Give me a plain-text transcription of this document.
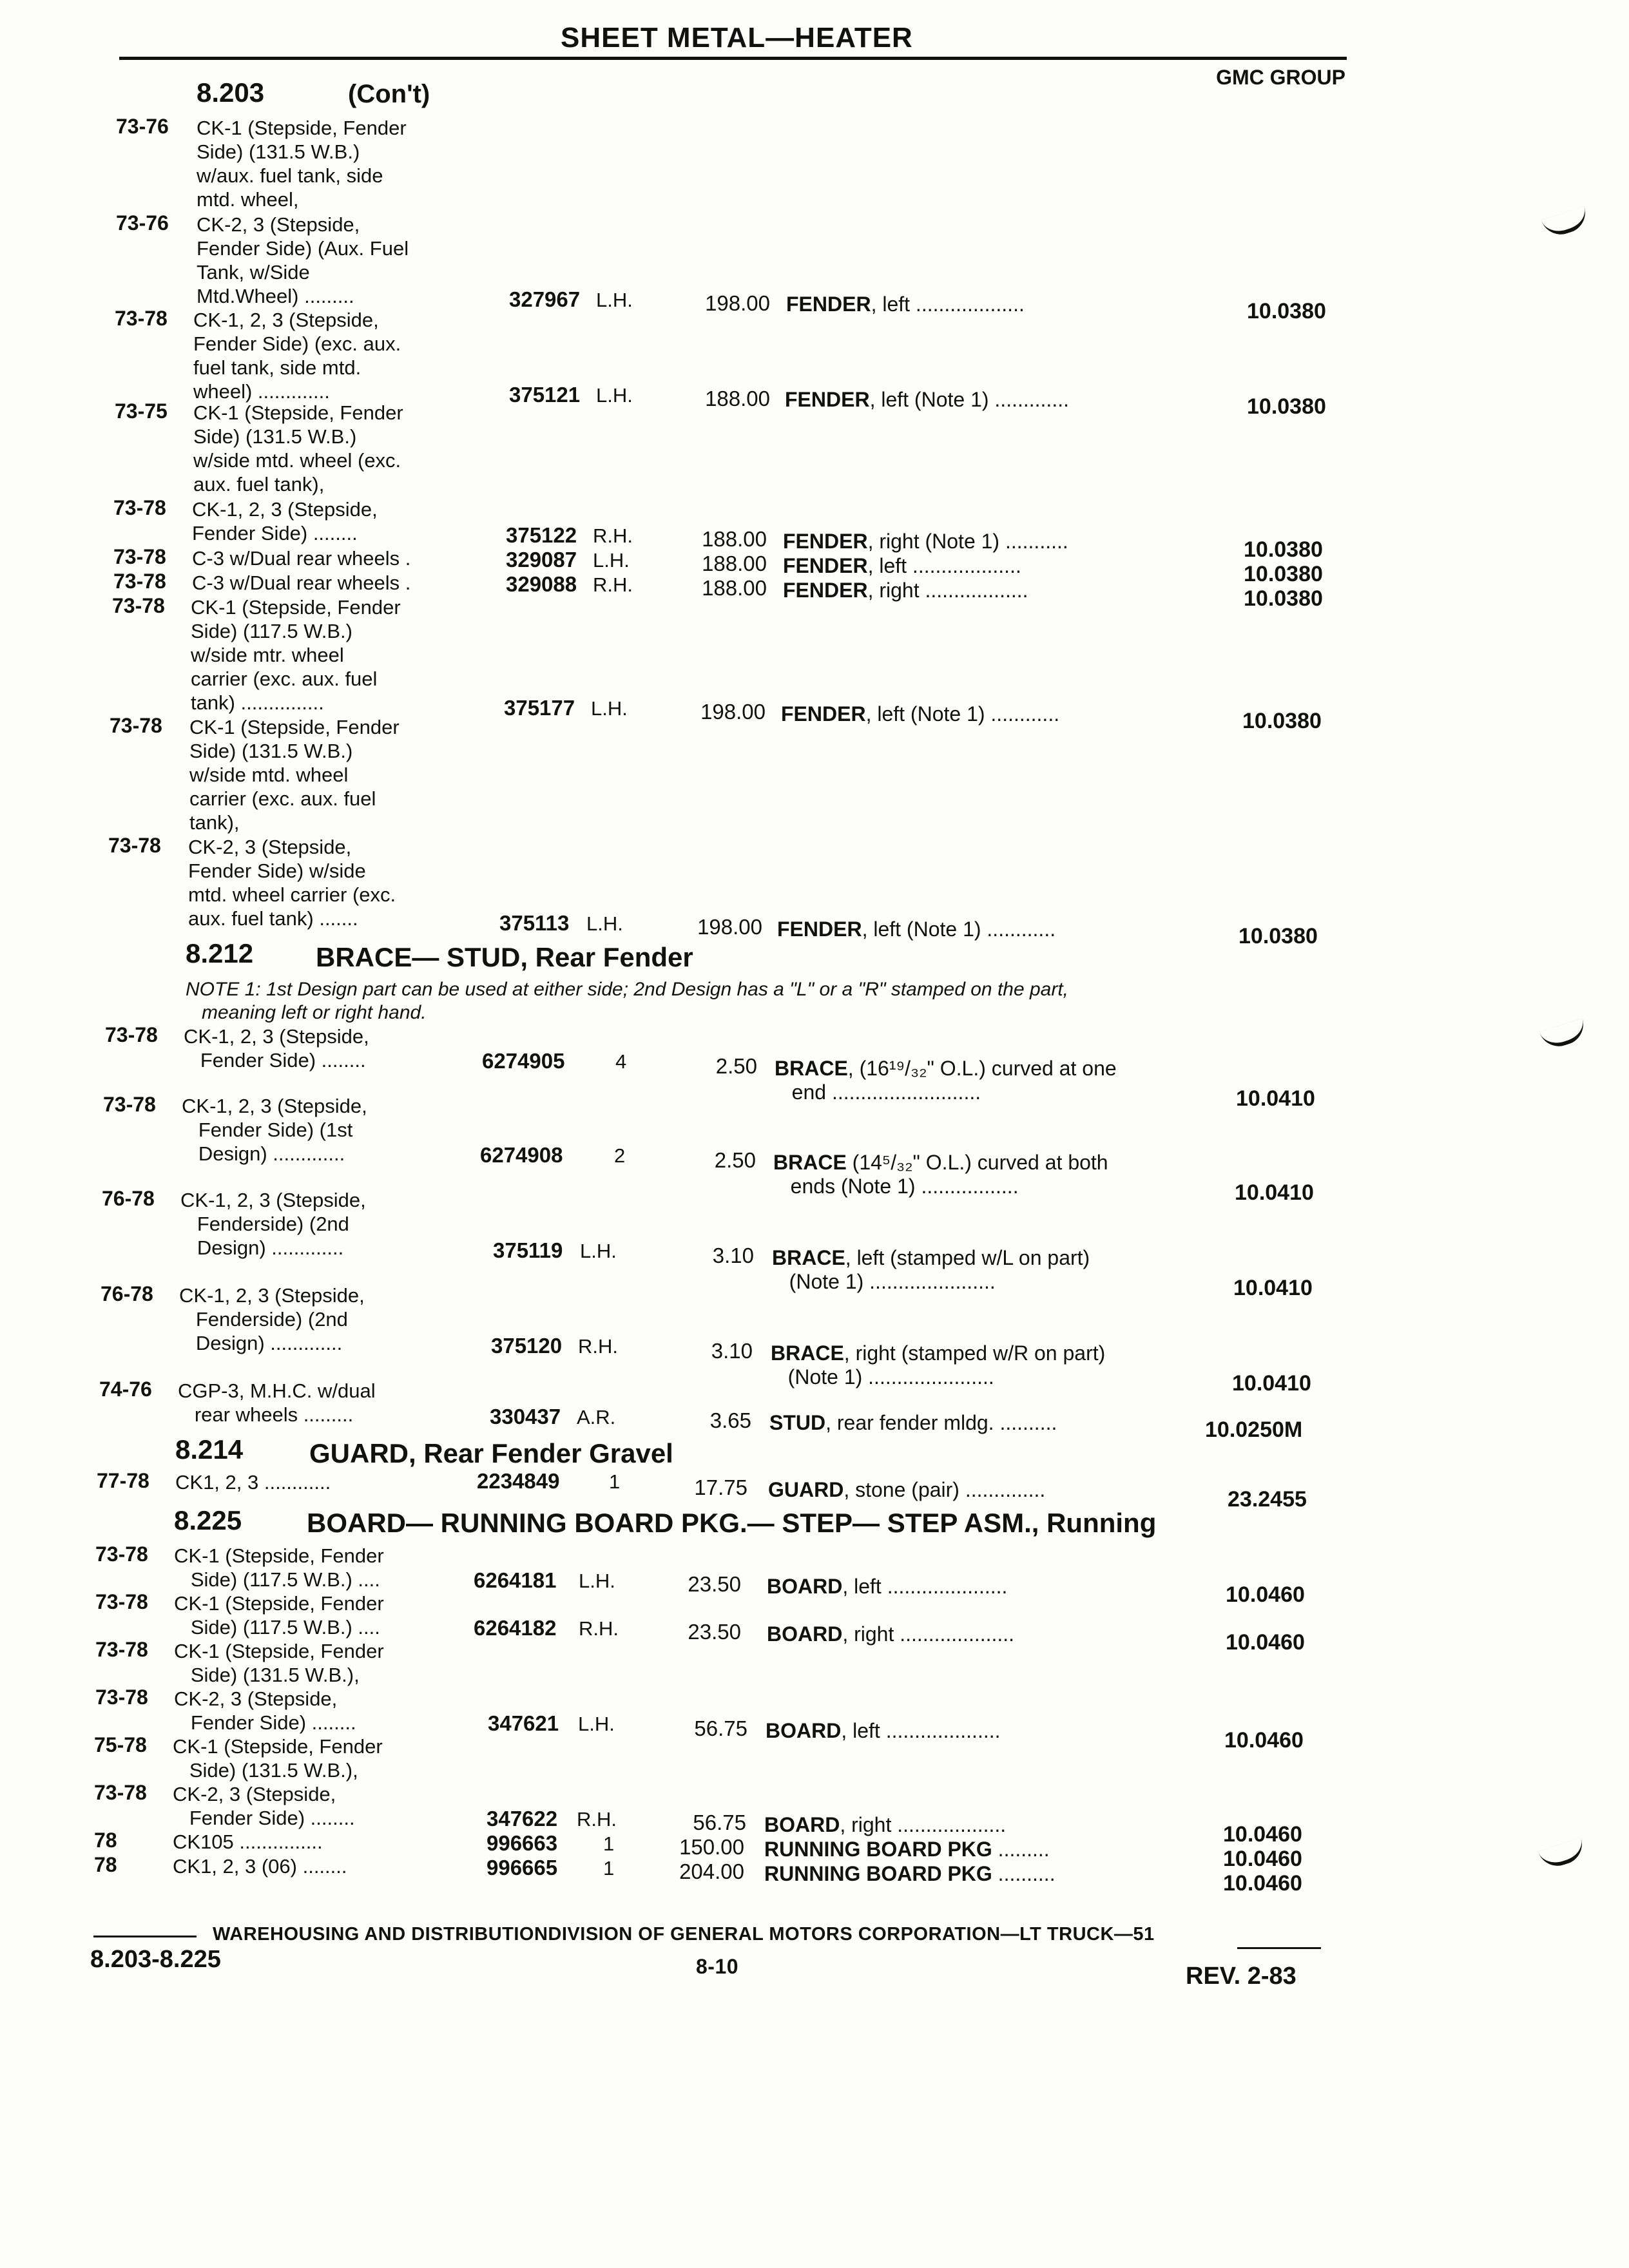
SHEET METAL—HEATER
GMC GROUP
8.203	(Con't)
73-76 CK-1 (Stepside, Fender
Side) (131.5 W.B.)
w/aux. fuel tank, side
mtd. wheel,
73-76 CK-2, 3 (Stepside,
Fender Side) (Aux. Fuel
Tank, w/Side
Mtd.Wheel) .........	327967 L.H.	198.00 FENDER, left ...................	10.0380
73-78 CK-1, 2, 3 (Stepside,
Fender Side) (exc. aux.
fuel tank, side mtd.
wheel) .............	375121 L.H.	188.00 FENDER, left (Note 1) .............	10.0380
73-75 CK-1 (Stepside, Fender
Side) (131.5 W.B.)
w/side mtd. wheel (exc.
aux. fuel tank),
73-78 CK-1, 2, 3 (Stepside,
Fender Side) ........	375122 R.H.	188.00 FENDER, right (Note 1) ...........	10.0380
73-78 C-3 w/Dual rear wheels .	329087 L.H.	188.00 FENDER, left ...................	10.0380
73-78 C-3 w/Dual rear wheels .	329088 R.H.	188.00 FENDER, right ..................	10.0380
73-78 CK-1 (Stepside, Fender
Side) (117.5 W.B.)
w/side mtr. wheel
carrier (exc. aux. fuel
tank) ...............	375177 L.H.	198.00 FENDER, left (Note 1) ............	10.0380
73-78 CK-1 (Stepside, Fender
Side) (131.5 W.B.)
w/side mtd. wheel
carrier (exc. aux. fuel
tank),
73-78 CK-2, 3 (Stepside,
Fender Side) w/side
mtd. wheel carrier (exc.
aux. fuel tank) .......	375113 L.H.	198.00 FENDER, left (Note 1) ............	10.0380
8.212 BRACE— STUD, Rear Fender
NOTE 1: 1st Design part can be used at either side; 2nd Design has a "L" or a "R" stamped on the part,
meaning left or right hand.
73-78 CK-1, 2, 3 (Stepside,
Fender Side) ........	6274905	4	2.50 BRACE, (16¹⁹/₃₂" O.L.) curved at one
end ..........................	10.0410
73-78 CK-1, 2, 3 (Stepside,
Fender Side) (1st
Design) .............	6274908	2	2.50 BRACE (14⁵/₃₂" O.L.) curved at both
ends (Note 1) .................	10.0410
76-78 CK-1, 2, 3 (Stepside,
Fenderside) (2nd
Design) .............	375119 L.H.	3.10 BRACE, left (stamped w/L on part)
(Note 1) ......................	10.0410
76-78 CK-1, 2, 3 (Stepside,
Fenderside) (2nd
Design) .............	375120 R.H.	3.10 BRACE, right (stamped w/R on part)
(Note 1) ......................	10.0410
74-76 CGP-3, M.H.C. w/dual
rear wheels .........	330437 A.R.	3.65 STUD, rear fender mldg. ..........	10.0250M
8.214 GUARD, Rear Fender Gravel
77-78 CK1, 2, 3 ............	2234849 1	17.75 GUARD, stone (pair) ..............	23.2455
8.225 BOARD— RUNNING BOARD PKG.— STEP— STEP ASM., Running
73-78 CK-1 (Stepside, Fender
Side) (117.5 W.B.) ....	6264181 L.H.	23.50 BOARD, left .....................	10.0460
73-78 CK-1 (Stepside, Fender
Side) (117.5 W.B.) ....	6264182 R.H.	23.50 BOARD, right ....................	10.0460
73-78 CK-1 (Stepside, Fender
Side) (131.5 W.B.),
73-78 CK-2, 3 (Stepside,
Fender Side) ........	347621 L.H.	56.75 BOARD, left ....................	10.0460
75-78 CK-1 (Stepside, Fender
Side) (131.5 W.B.),
73-78 CK-2, 3 (Stepside,
Fender Side) ........	347622 R.H.	56.75 BOARD, right ...................	10.0460
78	CK105 ...............	996663 1	150.00 RUNNING BOARD PKG .........	10.0460
78	CK1, 2, 3 (06) ........	996665 1	204.00 RUNNING BOARD PKG ..........	10.0460
WAREHOUSING AND DISTRIBUTIONDIVISION OF GENERAL MOTORS CORPORATION—LT TRUCK—51
8.203-8.225	8-10	REV. 2-83
